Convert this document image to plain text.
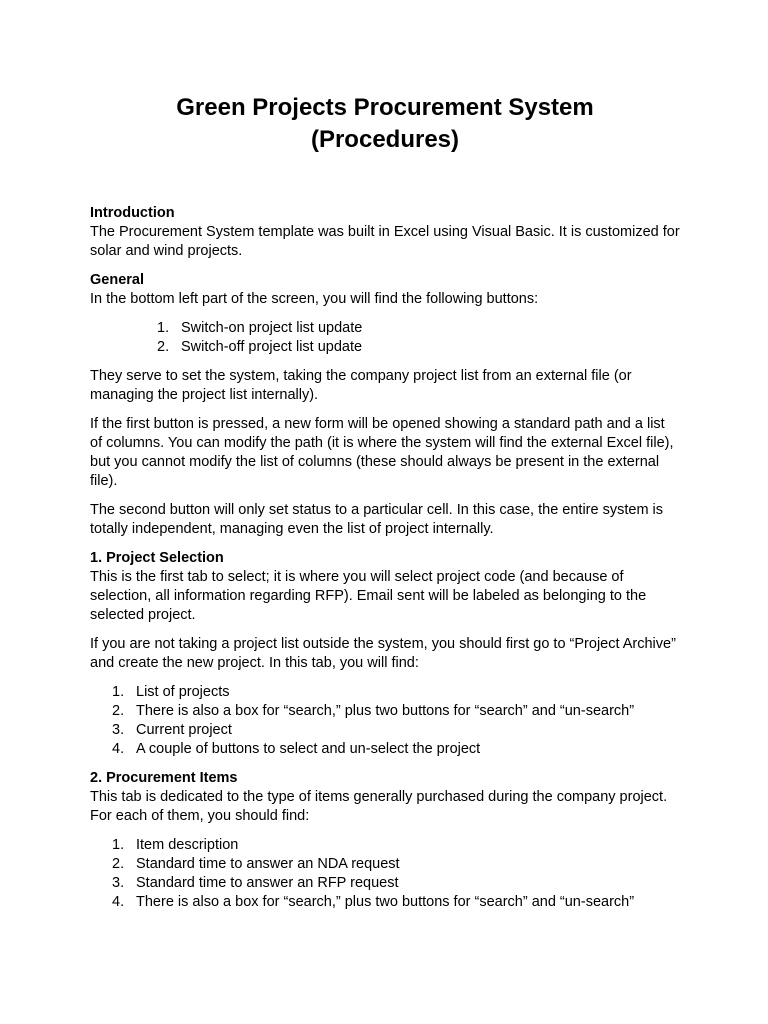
Green Projects Procurement System
(Procedures)
Introduction

The Procurement System template was built in Excel using Visual Basic. It is customized for solar and wind projects.

General

In the bottom left part of the screen, you will find the following buttons:

1. Switch-on project list update
2. Switch-off project list update

They serve to set the system, taking the company project list from an external file (or managing the project list internally).

If the first button is pressed, a new form will be opened showing a standard path and a list of columns. You can modify the path (it is where the system will find the external Excel file), but you cannot modify the list of columns (these should always be present in the external file).

The second button will only set status to a particular cell. In this case, the entire system is totally independent, managing even the list of project internally.

1. Project Selection

This is the first tab to select; it is where you will select project code (and because of selection, all information regarding RFP). Email sent will be labeled as belonging to the selected project.

If you are not taking a project list outside the system, you should first go to “Project Archive” and create the new project. In this tab, you will find:

1. List of projects
2. There is also a box for “search,” plus two buttons for “search” and “un-search”
3. Current project
4. A couple of buttons to select and un-select the project
2. Procurement Items

This tab is dedicated to the type of items generally purchased during the company project. For each of them, you should find:

1. Item description
2. Standard time to answer an NDA request
3. Standard time to answer an RFP request
4. There is also a box for “search,” plus two buttons for “search” and “un-search”
